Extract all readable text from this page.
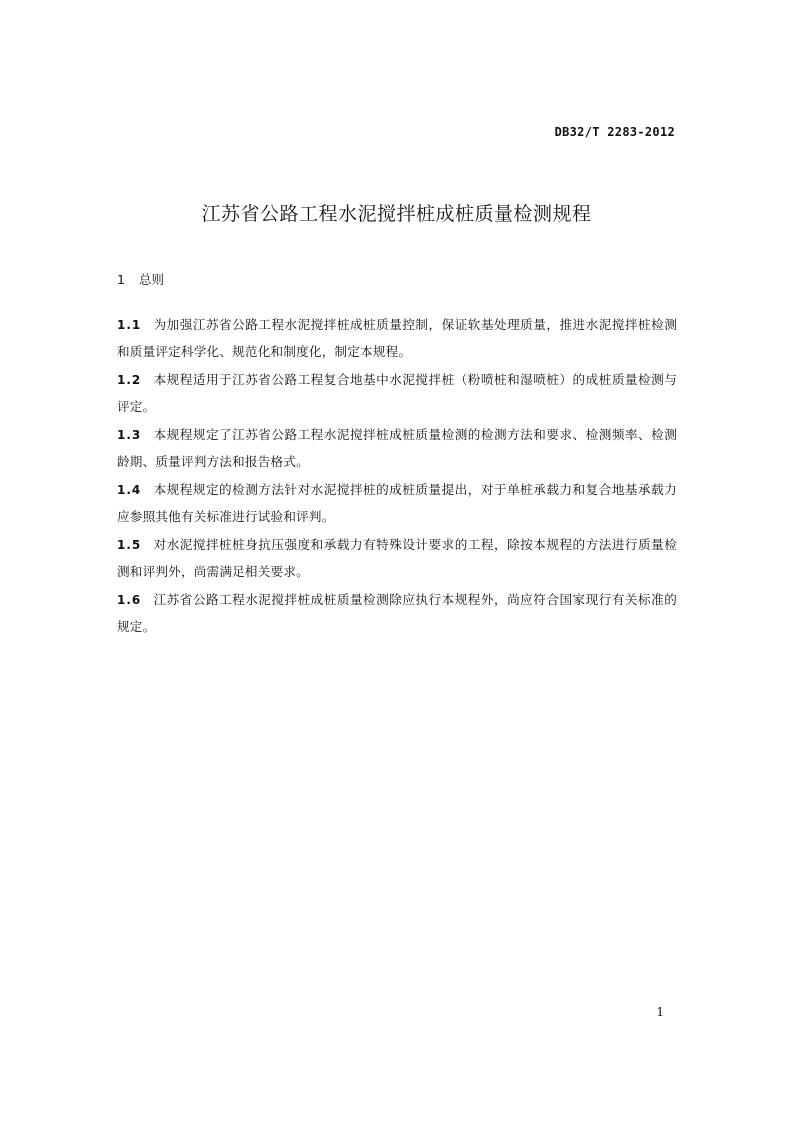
DB32/T 2283-2012
江苏省公路工程水泥搅拌桩成桩质量检测规程
1 总则

1.1 为加强江苏省公路工程水泥搅拌桩成桩质量控制，保证软基处理质量，推进水泥搅拌桩检测和质量评定科学化、规范化和制度化，制定本规程。

1.2 本规程适用于江苏省公路工程复合地基中水泥搅拌桩（粉喷桩和湿喷桩）的成桩质量检测与评定。

1.3 本规程规定了江苏省公路工程水泥搅拌桩成桩质量检测的检测方法和要求、检测频率、检测龄期、质量评判方法和报告格式。

1.4 本规程规定的检测方法针对水泥搅拌桩的成桩质量提出，对于单桩承载力和复合地基承载力应参照其他有关标准进行试验和评判。

1.5 对水泥搅拌桩桩身抗压强度和承载力有特殊设计要求的工程，除按本规程的方法进行质量检测和评判外，尚需满足相关要求。

1.6 江苏省公路工程水泥搅拌桩成桩质量检测除应执行本规程外，尚应符合国家现行有关标准的规定。

1
